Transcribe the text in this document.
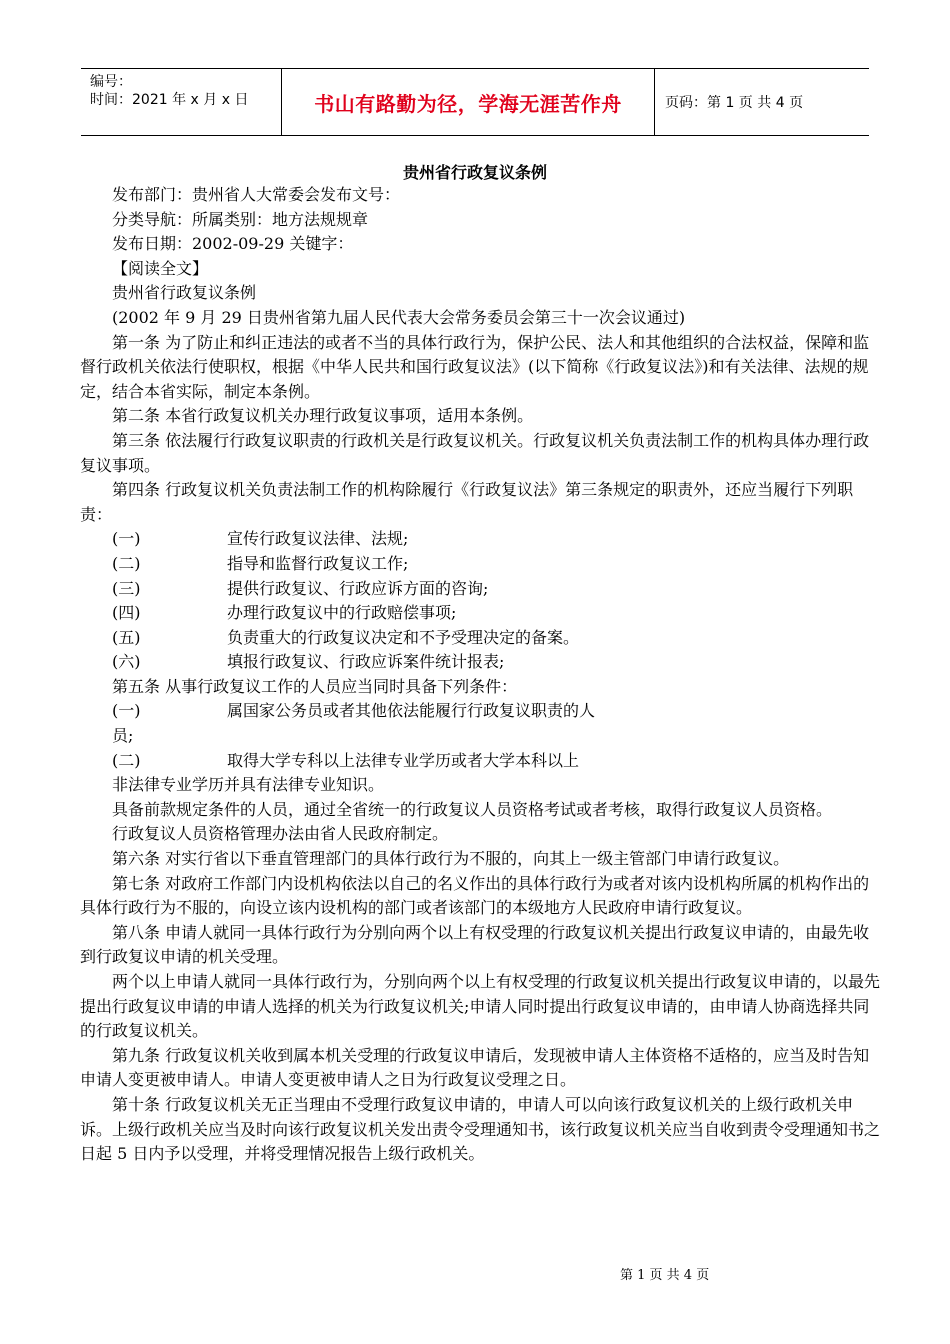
编号：
时间：2021 年 x 月 x 日	书山有路勤为径，学海无涯苦作舟	页码：第 1 页 共 4 页
贵州省行政复议条例

发布部门：贵州省人大常委会发布文号：

分类导航：所属类别：地方法规规章

发布日期：2002-09-29 关键字：

【阅读全文】

贵州省行政复议条例

(2002 年 9 月 29 日贵州省第九届人民代表大会常务委员会第三十一次会议通过)

第一条 为了防止和纠正违法的或者不当的具体行政行为，保护公民、法人和其他组织的合法权益，保障和监督行政机关依法行使职权，根据《中华人民共和国行政复议法》(以下简称《行政复议法》)和有关法律、法规的规定，结合本省实际，制定本条例。

第二条 本省行政复议机关办理行政复议事项，适用本条例。

第三条 依法履行行政复议职责的行政机关是行政复议机关。行政复议机关负责法制工作的机构具体办理行政复议事项。

第四条 行政复议机关负责法制工作的机构除履行《行政复议法》第三条规定的职责外，还应当履行下列职责：

(一)	宣传行政复议法律、法规;

(二)	指导和监督行政复议工作;

(三)	提供行政复议、行政应诉方面的咨询;

(四)	办理行政复议中的行政赔偿事项;

(五)	负责重大的行政复议决定和不予受理决定的备案。

(六)	填报行政复议、行政应诉案件统计报表;

第五条 从事行政复议工作的人员应当同时具备下列条件：

(一)	属国家公务员或者其他依法能履行行政复议职责的人

员;

(二)	取得大学专科以上法律专业学历或者大学本科以上

非法律专业学历并具有法律专业知识。

具备前款规定条件的人员，通过全省统一的行政复议人员资格考试或者考核，取得行政复议人员资格。

行政复议人员资格管理办法由省人民政府制定。

第六条 对实行省以下垂直管理部门的具体行政行为不服的，向其上一级主管部门申请行政复议。

第七条 对政府工作部门内设机构依法以自己的名义作出的具体行政行为或者对该内设机构所属的机构作出的具体行政行为不服的，向设立该内设机构的部门或者该部门的本级地方人民政府申请行政复议。

第八条 申请人就同一具体行政行为分别向两个以上有权受理的行政复议机关提出行政复议申请的，由最先收到行政复议申请的机关受理。

两个以上申请人就同一具体行政行为，分别向两个以上有权受理的行政复议机关提出行政复议申请的，以最先提出行政复议申请的申请人选择的机关为行政复议机关;申请人同时提出行政复议申请的，由申请人协商选择共同的行政复议机关。

第九条 行政复议机关收到属本机关受理的行政复议申请后，发现被申请人主体资格不适格的，应当及时告知申请人变更被申请人。申请人变更被申请人之日为行政复议受理之日。

第十条 行政复议机关无正当理由不受理行政复议申请的，申请人可以向该行政复议机关的上级行政机关申诉。上级行政机关应当及时向该行政复议机关发出责令受理通知书，该行政复议机关应当自收到责令受理通知书之日起 5 日内予以受理，并将受理情况报告上级行政机关。

第 1 页 共 4 页
